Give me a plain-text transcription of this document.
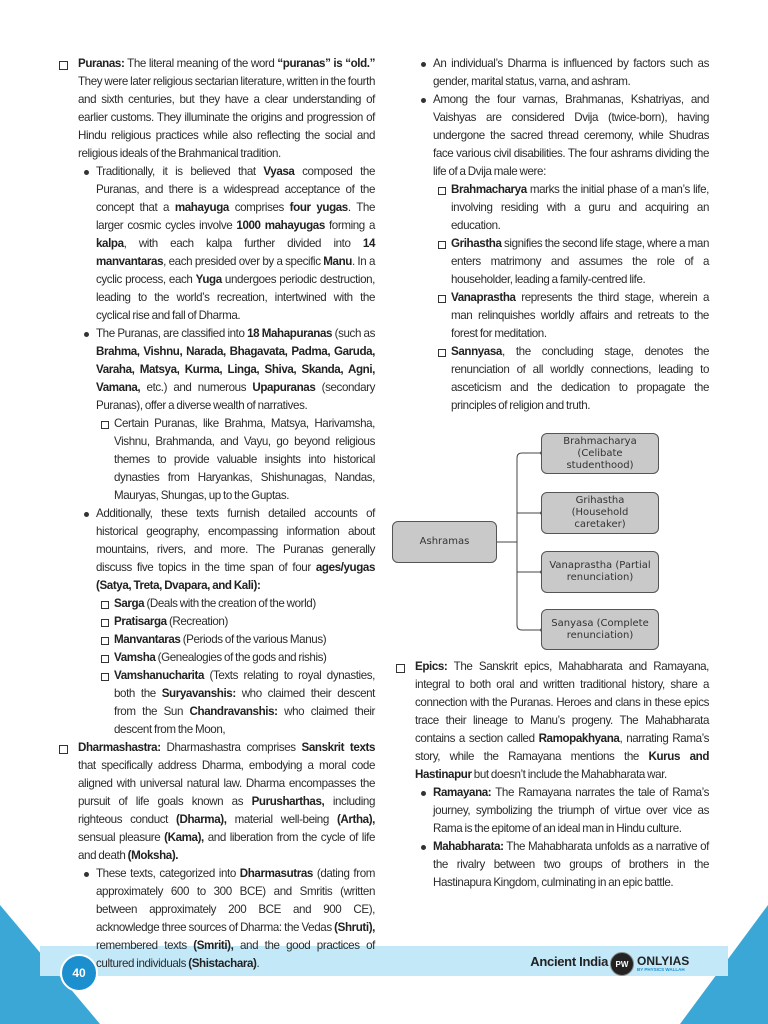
Puranas: The literal meaning of the word “puranas” is “old.” They were later religious sectarian literature, written in the fourth and sixth centuries, but they have a clear understanding of earlier customs. They illuminate the origins and progression of Hindu religious practices while also reflecting the social and religious ideals of the Brahmanical tradition.
Traditionally, it is believed that Vyasa composed the Puranas, and there is a widespread acceptance of the concept that a mahayuga comprises four yugas. The larger cosmic cycles involve 1000 mahayugas forming a kalpa, with each kalpa further divided into 14 manvantaras, each presided over by a specific Manu. In a cyclic process, each Yuga undergoes periodic destruction, leading to the world’s recreation, intertwined with the cyclical rise and fall of Dharma.
The Puranas, are classified into 18 Mahapuranas (such as Brahma, Vishnu, Narada, Bhagavata, Padma, Garuda, Varaha, Matsya, Kurma, Linga, Shiva, Skanda, Agni, Vamana, etc.) and numerous Upapuranas (secondary Puranas), offer a diverse wealth of narratives.
Certain Puranas, like Brahma, Matsya, Harivamsha, Vishnu, Brahmanda, and Vayu, go beyond religious themes to provide valuable insights into historical dynasties from Haryankas, Shishunagas, Nandas, Mauryas, Shungas, up to the Guptas.
Additionally, these texts furnish detailed accounts of historical geography, encompassing information about mountains, rivers, and more. The Puranas generally discuss five topics in the time span of four ages/yugas (Satya, Treta, Dvapara, and Kali):
Sarga (Deals with the creation of the world)
Pratisarga (Recreation)
Manvantaras (Periods of the various Manus)
Vamsha (Genealogies of the gods and rishis)
Vamshanucharita (Texts relating to royal dynasties, both the Suryavanshis: who claimed their descent from the Sun Chandravanshis: who claimed their descent from the Moon,
Dharmashastra: Dharmashastra comprises Sanskrit texts that specifically address Dharma, embodying a moral code aligned with universal natural law. Dharma encompasses the pursuit of life goals known as Purusharthas, including righteous conduct (Dharma), material well-being (Artha), sensual pleasure (Kama), and liberation from the cycle of life and death (Moksha).
These texts, categorized into Dharmasutras (dating from approximately 600 to 300 BCE) and Smritis (written between approximately 200 BCE and 900 CE), acknowledge three sources of Dharma: the Vedas (Shruti), remembered texts (Smriti), and the good practices of cultured individuals (Shistachara).
An individual’s Dharma is influenced by factors such as gender, marital status, varna, and ashram.
Among the four varnas, Brahmanas, Kshatriyas, and Vaishyas are considered Dvija (twice-born), having undergone the sacred thread ceremony, while Shudras face various civil disabilities. The four ashrams dividing the life of a Dvija male were:
Brahmacharya marks the initial phase of a man’s life, involving residing with a guru and acquiring an education.
Grihastha signifies the second life stage, where a man enters matrimony and assumes the role of a householder, leading a family-centred life.
Vanaprastha represents the third stage, wherein a man relinquishes worldly affairs and retreats to the forest for meditation.
Sannyasa, the concluding stage, denotes the renunciation of all worldly connections, leading to asceticism and the dedication to propagate the principles of religion and truth.
Ashramas
Brahmacharya (Celibate studenthood)
Grihastha (Household caretaker)
Vanaprastha (Partial renunciation)
Sanyasa (Complete renunciation)
Epics: The Sanskrit epics, Mahabharata and Ramayana, integral to both oral and written traditional history, share a connection with the Puranas. Heroes and clans in these epics trace their lineage to Manu’s progeny. The Mahabharata contains a section called Ramopakhyana, narrating Rama’s story, while the Ramayana mentions the Kurus and Hastinapur but doesn’t include the Mahabharata war.
Ramayana: The Ramayana narrates the tale of Rama’s journey, symbolizing the triumph of virtue over vice as Rama is the epitome of an ideal man in Hindu culture.
Mahabharata: The Mahabharata unfolds as a narrative of the rivalry between two groups of brothers in the Hastinapura Kingdom, culminating in an epic battle.
40
Ancient India PW ONLYIAS
BY PHYSICS WALLAH
